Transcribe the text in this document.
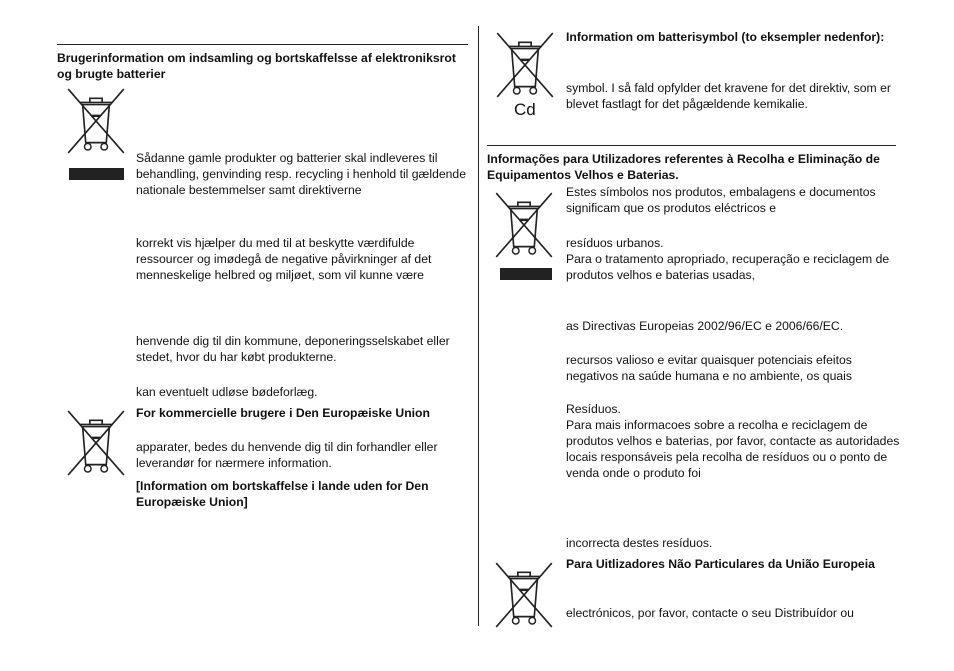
Brugerinformation om indsamling og bortskaffelsse af elektroniksrot og brugte batterier
Sådanne gamle produkter og batterier skal indleveres til behandling, genvinding resp. recycling i henhold til gældende nationale bestemmelser samt direktiverne
korrekt vis hjælper du med til at beskytte værdifulde ressourcer og imødegå de negative påvirkninger af det menneskelige helbred og miljøet, som vil kunne være
henvende dig til din kommune, deponeringsselskabet eller stedet, hvor du har købt produkterne.
kan eventuelt udløse bødeforlæg.
For kommercielle brugere i Den Europæiske Union
apparater, bedes du henvende dig til din forhandler eller leverandør for nærmere information.
[Information om bortskaffelse i lande uden for Den Europæiske Union]
Cd
Information om batterisymbol (to eksempler nedenfor):
symbol. I så fald opfylder det kravene for det direktiv, som er blevet fastlagt for det pågældende kemikalie.
Informações para Utilizadores referentes à Recolha e Eliminação de Equipamentos Velhos e Baterias.
Estes símbolos nos produtos, embalagens e documentos significam que os produtos eléctricos e
resíduos urbanos.
Para o tratamento apropriado, recuperação e reciclagem de produtos velhos e baterias usadas,
as Directivas Europeias 2002/96/EC e 2006/66/EC.
recursos valioso e evitar quaisquer potenciais efeitos negativos na saúde humana e no ambiente, os quais
Resíduos.
Para mais informacoes sobre a recolha e reciclagem de produtos velhos e baterias, por favor, contacte as autoridades locais responsáveis pela recolha de resíduos ou o ponto de venda onde o produto foi
incorrecta destes resíduos.
Para Uitlizadores Não Particulares da União Europeia
electrónicos, por favor, contacte o seu Distribuídor ou
